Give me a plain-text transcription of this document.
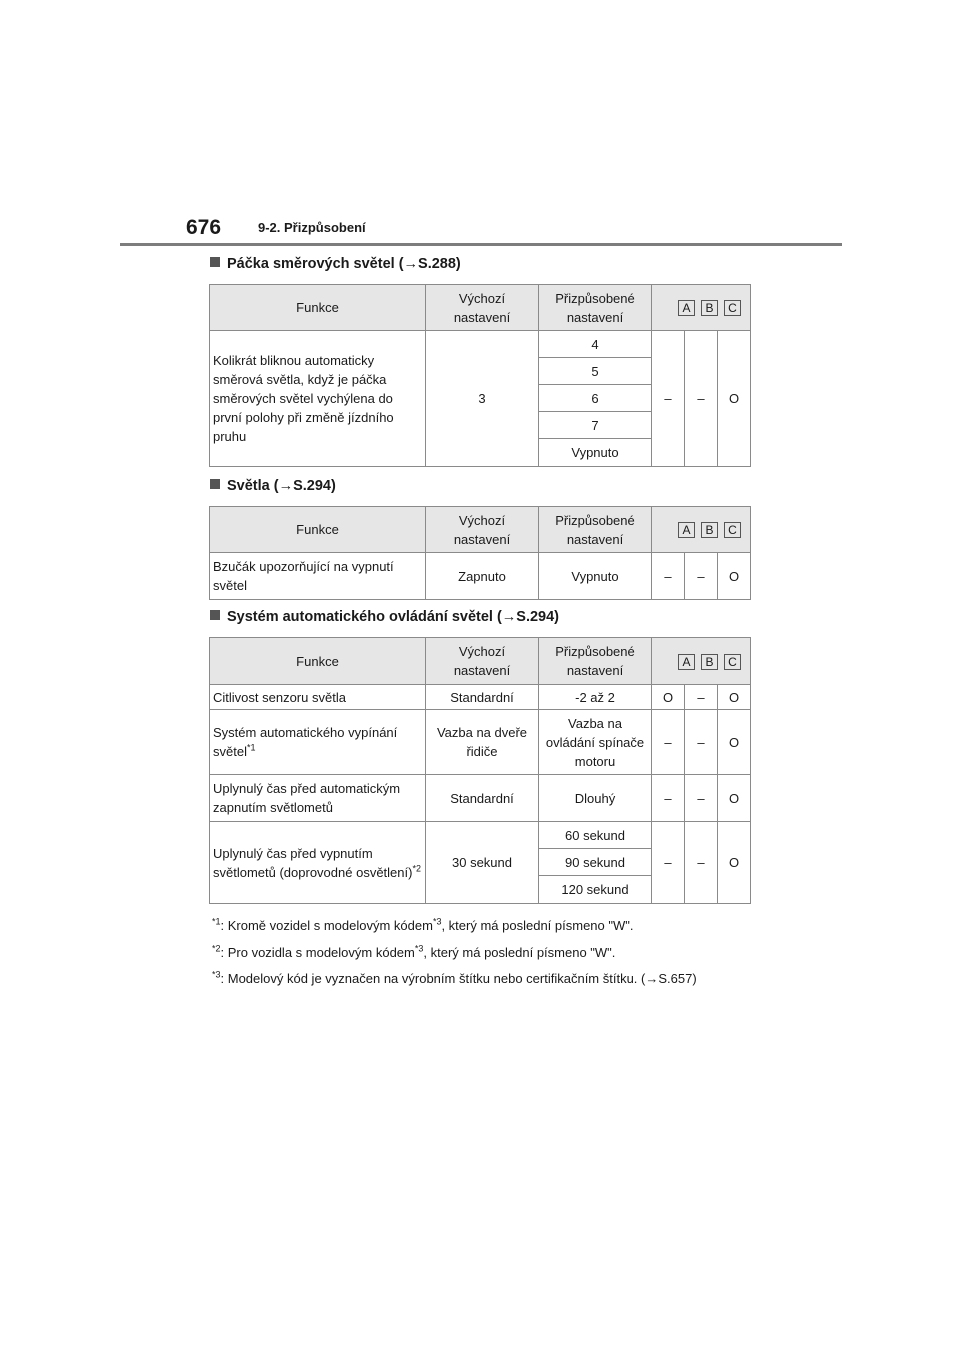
676	9-2. Přizpůsobení
Páčka směrových světel (→S.288)
Funkce	Výchozí nastavení	Přizpůsobené nastavení	A B C		
Kolikrát bliknou automaticky směrová světla, když je páčka směrových světel vychýlena do první polohy při změně jízdního pruhu	3	4	–	–	O
		5			
		6			
		7			
		Vypnuto			
Světla (→S.294)
Funkce	Výchozí nastavení	Přizpůsobené nastavení	A B C		
Bzučák upozorňující na vypnutí světel	Zapnuto	Vypnuto	–	–	O
Systém automatického ovládání světel (→S.294)
Funkce	Výchozí nastavení	Přizpůsobené nastavení	A B C		
Citlivost senzoru světla	Standardní	-2 až 2	O	–	O
Systém automatického vypínání světel$^{*1}$	Vazba na dveře řidiče	Vazba na ovládání spínače motoru	–	–	O
Uplynulý čas před automatickým zapnutím světlometů	Standardní	Dlouhý	–	–	O
Uplynulý čas před vypnutím světlometů (doprovodné osvětlení)$^{*2}$	30 sekund	60 sekund	–	–	O
		90 sekund			
		120 sekund			
$^{*1}$: Kromě vozidel s modelovým kódem$^{*3}$, který má poslední písmeno "W".
$^{*2}$: Pro vozidla s modelovým kódem$^{*3}$, který má poslední písmeno "W".
$^{*3}$: Modelový kód je vyznačen na výrobním štítku nebo certifikačním štítku. (→S.657)
